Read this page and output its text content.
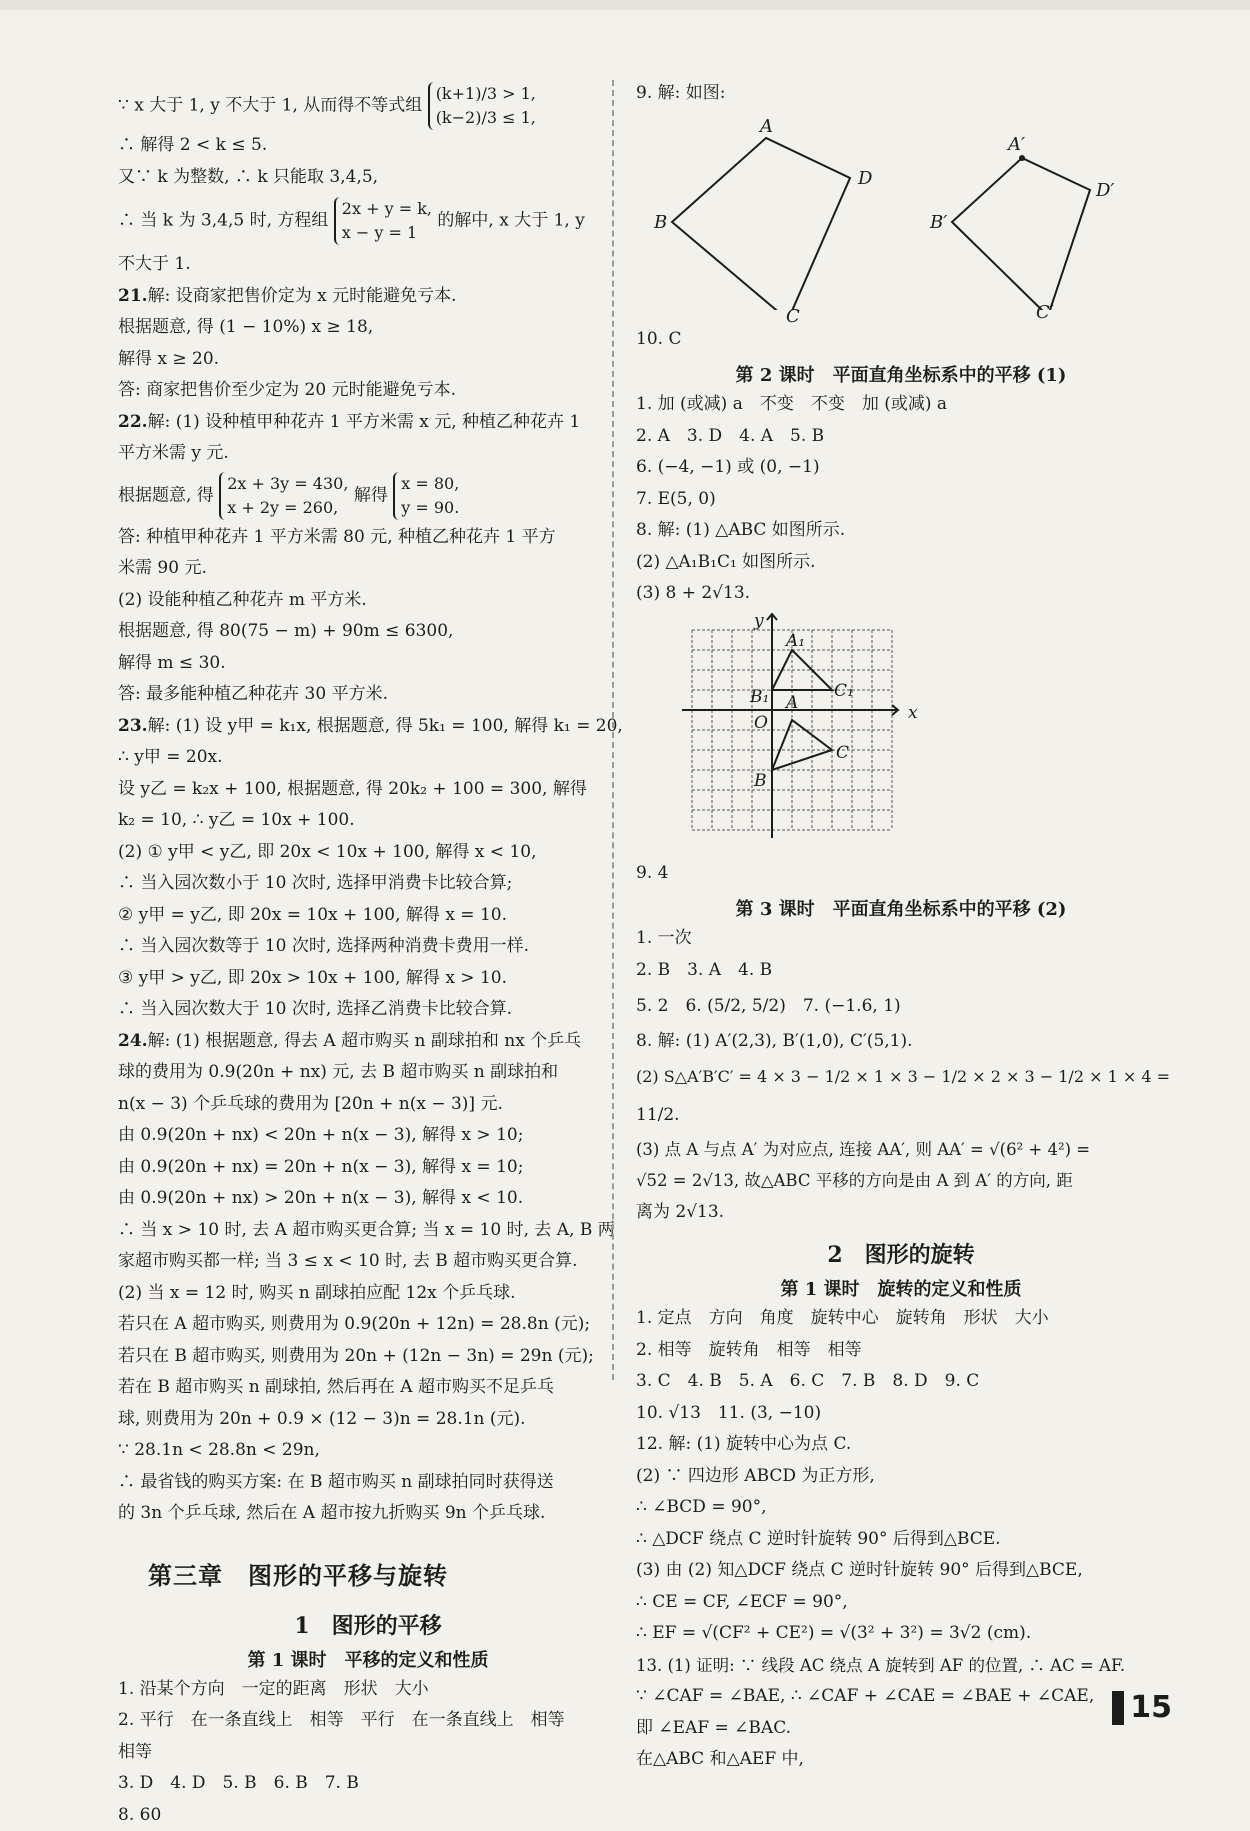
∵ x 大于 1, y 不大于 1, 从而得不等式组 (k+1)/3 > 1,
(k−2)/3 ≤ 1,

∴ 解得 2 < k ≤ 5.

又∵ k 为整数, ∴ k 只能取 3,4,5,

∴ 当 k 为 3,4,5 时, 方程组 2x + y = k,
x − y = 1 的解中, x 大于 1, y

不大于 1.

21.解: 设商家把售价定为 x 元时能避免亏本.

根据题意, 得 (1 − 10%) x ≥ 18,

解得 x ≥ 20.

答: 商家把售价至少定为 20 元时能避免亏本.

22.解: (1) 设种植甲种花卉 1 平方米需 x 元, 种植乙种花卉 1

平方米需 y 元.

根据题意, 得 2x + 3y = 430,
x + 2y = 260, 解得 x = 80,
y = 90.

答: 种植甲种花卉 1 平方米需 80 元, 种植乙种花卉 1 平方

米需 90 元.

(2) 设能种植乙种花卉 m 平方米.

根据题意, 得 80(75 − m) + 90m ≤ 6300,

解得 m ≤ 30.

答: 最多能种植乙种花卉 30 平方米.

23.解: (1) 设 y甲 = k₁x, 根据题意, 得 5k₁ = 100, 解得 k₁ = 20,

∴ y甲 = 20x.

设 y乙 = k₂x + 100, 根据题意, 得 20k₂ + 100 = 300, 解得

k₂ = 10, ∴ y乙 = 10x + 100.

(2) ① y甲 < y乙, 即 20x < 10x + 100, 解得 x < 10,

∴ 当入园次数小于 10 次时, 选择甲消费卡比较合算;

② y甲 = y乙, 即 20x = 10x + 100, 解得 x = 10.

∴ 当入园次数等于 10 次时, 选择两种消费卡费用一样.

③ y甲 > y乙, 即 20x > 10x + 100, 解得 x > 10.

∴ 当入园次数大于 10 次时, 选择乙消费卡比较合算.

24.解: (1) 根据题意, 得去 A 超市购买 n 副球拍和 nx 个乒乓

球的费用为 0.9(20n + nx) 元, 去 B 超市购买 n 副球拍和

n(x − 3) 个乒乓球的费用为 [20n + n(x − 3)] 元.

由 0.9(20n + nx) < 20n + n(x − 3), 解得 x > 10;

由 0.9(20n + nx) = 20n + n(x − 3), 解得 x = 10;

由 0.9(20n + nx) > 20n + n(x − 3), 解得 x < 10.

∴ 当 x > 10 时, 去 A 超市购买更合算; 当 x = 10 时, 去 A, B 两

家超市购买都一样; 当 3 ≤ x < 10 时, 去 B 超市购买更合算.

(2) 当 x = 12 时, 购买 n 副球拍应配 12x 个乒乓球.

若只在 A 超市购买, 则费用为 0.9(20n + 12n) = 28.8n (元);

若只在 B 超市购买, 则费用为 20n + (12n − 3n) = 29n (元);

若在 B 超市购买 n 副球拍, 然后再在 A 超市购买不足乒乓

球, 则费用为 20n + 0.9 × (12 − 3)n = 28.1n (元).

∵ 28.1n < 28.8n < 29n,

∴ 最省钱的购买方案: 在 B 超市购买 n 副球拍同时获得送

的 3n 个乒乓球, 然后在 A 超市按九折购买 9n 个乒乓球.

第三章　图形的平移与旋转
1　图形的平移
第 1 课时　平移的定义和性质

1. 沿某个方向　一定的距离　形状　大小

2. 平行　在一条直线上　相等　平行　在一条直线上　相等

相等

3. D　4. D　5. B　6. B　7. B

8. 60

9. 解: 如图:

A
B
D
A′
B′
D′
C	C′

10. C

第 2 课时　平面直角坐标系中的平移 (1)

1. 加 (或减) a　不变　不变　加 (或减) a

2. A　3. D　4. A　5. B

6. (−4, −1) 或 (0, −1)

7. E(5, 0)

8. 解: (1) △ABC 如图所示.

(2) △A₁B₁C₁ 如图所示.

(3) 8 + 2√13.

x
y
O
A₁
B₁	C₁
A
B
C

9. 4

第 3 课时　平面直角坐标系中的平移 (2)

1. 一次

2. B　3. A　4. B

5. 2　6. (5/2, 5/2)　7. (−1.6, 1)

8. 解: (1) A′(2,3), B′(1,0), C′(5,1).

(2) S△A′B′C′ = 4 × 3 − 1/2 × 1 × 3 − 1/2 × 2 × 3 − 1/2 × 1 × 4 =

11/2.

(3) 点 A 与点 A′ 为对应点, 连接 AA′, 则 AA′ = √(6² + 4²) =

√52 = 2√13, 故△ABC 平移的方向是由 A 到 A′ 的方向, 距

离为 2√13.

2　图形的旋转
第 1 课时　旋转的定义和性质

1. 定点　方向　角度　旋转中心　旋转角　形状　大小

2. 相等　旋转角　相等　相等

3. C　4. B　5. A　6. C　7. B　8. D　9. C

10. √13　11. (3, −10)

12. 解: (1) 旋转中心为点 C.

(2) ∵ 四边形 ABCD 为正方形,

∴ ∠BCD = 90°,

∴ △DCF 绕点 C 逆时针旋转 90° 后得到△BCE.

(3) 由 (2) 知△DCF 绕点 C 逆时针旋转 90° 后得到△BCE,

∴ CE = CF, ∠ECF = 90°,

∴ EF = √(CF² + CE²) = √(3² + 3²) = 3√2 (cm).

13. (1) 证明: ∵ 线段 AC 绕点 A 旋转到 AF 的位置, ∴ AC = AF.

∵ ∠CAF = ∠BAE, ∴ ∠CAF + ∠CAE = ∠BAE + ∠CAE,

即 ∠EAF = ∠BAC.

在△ABC 和△AEF 中,

15
